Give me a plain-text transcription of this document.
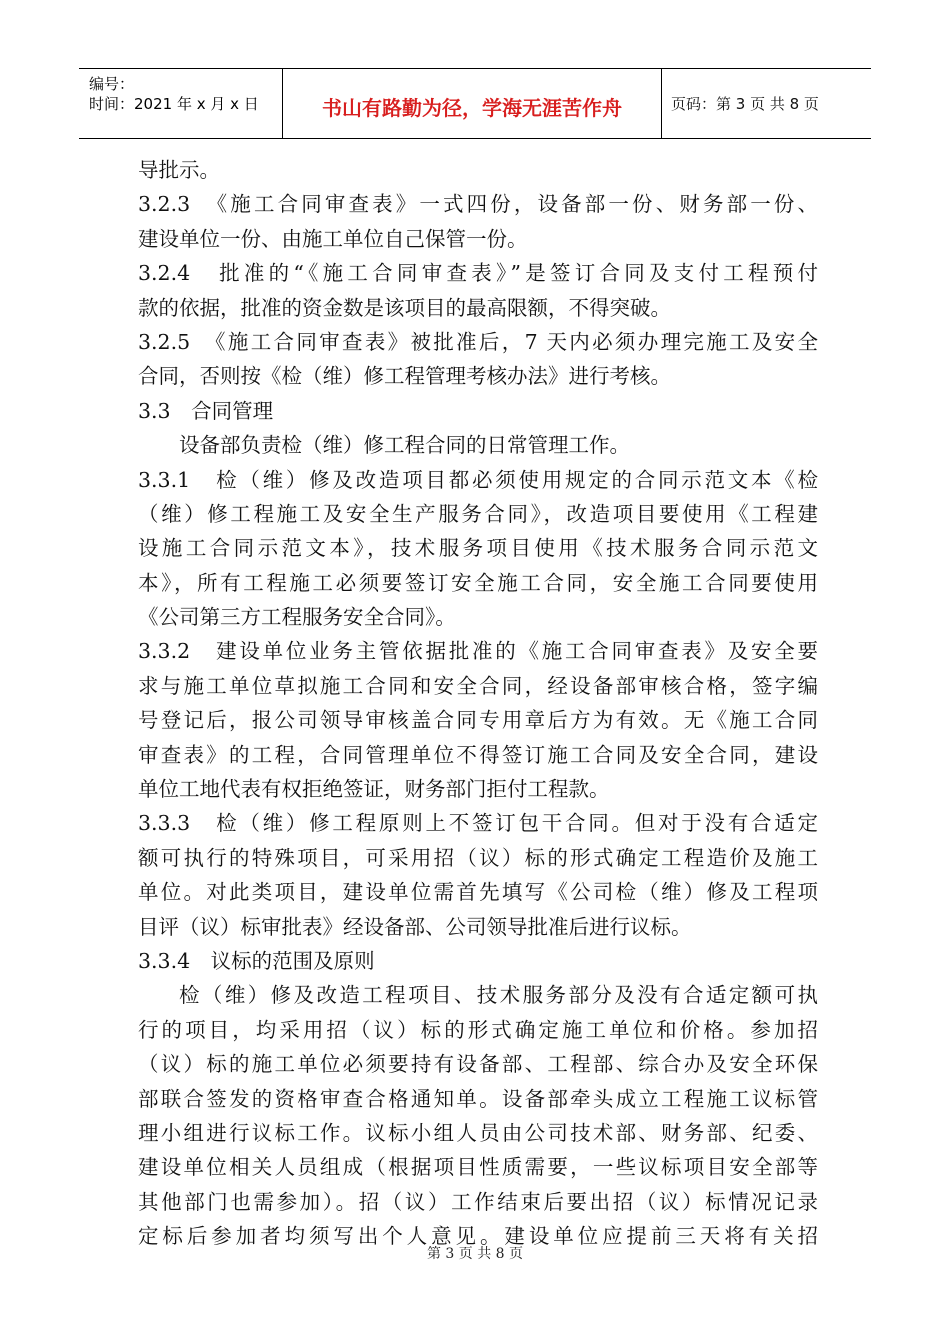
编号：
时间：2021 年 x 月 x 日	书山有路勤为径，学海无涯苦作舟	页码：第 3 页 共 8 页
导批示。
3.2.3　《施工合同审查表》一式四份，设备部一份、财务部一份、
建设单位一份、由施工单位自己保管一份。
3.2.4　批准的“《施工合同审查表》”是签订合同及支付工程预付
款的依据，批准的资金数是该项目的最高限额，不得突破。
3.2.5　《施工合同审查表》被批准后，7 天内必须办理完施工及安全
合同，否则按《检（维）修工程管理考核办法》进行考核。
3.3　合同管理
设备部负责检（维）修工程合同的日常管理工作。
3.3.1　检（维）修及改造项目都必须使用规定的合同示范文本《检
（维）修工程施工及安全生产服务合同》，改造项目要使用《工程建
设施工合同示范文本》，技术服务项目使用《技术服务合同示范文
本》，所有工程施工必须要签订安全施工合同，安全施工合同要使用
《公司第三方工程服务安全合同》。
3.3.2　建设单位业务主管依据批准的《施工合同审查表》及安全要
求与施工单位草拟施工合同和安全合同，经设备部审核合格，签字编
号登记后，报公司领导审核盖合同专用章后方为有效。无《施工合同
审查表》的工程，合同管理单位不得签订施工合同及安全合同，建设
单位工地代表有权拒绝签证，财务部门拒付工程款。
3.3.3　检（维）修工程原则上不签订包干合同。但对于没有合适定
额可执行的特殊项目，可采用招（议）标的形式确定工程造价及施工
单位。对此类项目，建设单位需首先填写《公司检（维）修及工程项
目评（议）标审批表》经设备部、公司领导批准后进行议标。
3.3.4　议标的范围及原则
检（维）修及改造工程项目、技术服务部分及没有合适定额可执
行的项目，均采用招（议）标的形式确定施工单位和价格。参加招
（议）标的施工单位必须要持有设备部、工程部、综合办及安全环保
部联合签发的资格审查合格通知单。设备部牵头成立工程施工议标管
理小组进行议标工作。议标小组人员由公司技术部、财务部、纪委、
建设单位相关人员组成（根据项目性质需要，一些议标项目安全部等
其他部门也需参加）。招（议）工作结束后要出招（议）标情况记录
定标后参加者均须写出个人意见。建设单位应提前三天将有关招
第 3 页 共 8 页
